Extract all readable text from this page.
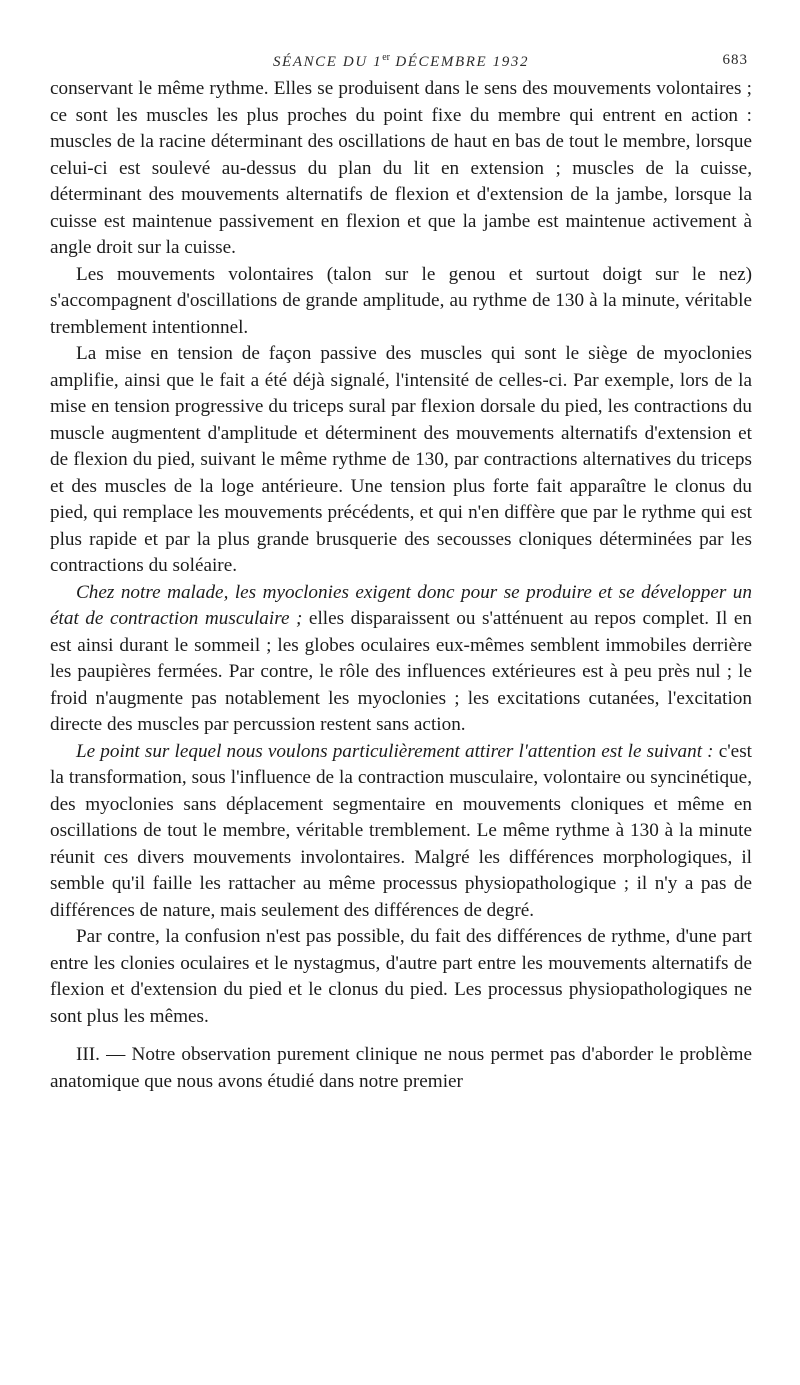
SÉANCE DU 1er DÉCEMBRE 1932	683

conservant le même rythme. Elles se produisent dans le sens des mouvements volontaires ; ce sont les muscles les plus proches du point fixe du membre qui entrent en action : muscles de la racine déterminant des oscillations de haut en bas de tout le membre, lorsque celui-ci est soulevé au-dessus du plan du lit en extension ; muscles de la cuisse, déterminant des mouvements alternatifs de flexion et d'extension de la jambe, lorsque la cuisse est maintenue passivement en flexion et que la jambe est maintenue activement à angle droit sur la cuisse.

Les mouvements volontaires (talon sur le genou et surtout doigt sur le nez) s'accompagnent d'oscillations de grande amplitude, au rythme de 130 à la minute, véritable tremblement intentionnel.

La mise en tension de façon passive des muscles qui sont le siège de myoclonies amplifie, ainsi que le fait a été déjà signalé, l'intensité de celles-ci. Par exemple, lors de la mise en tension progressive du triceps sural par flexion dorsale du pied, les contractions du muscle augmentent d'amplitude et déterminent des mouvements alternatifs d'extension et de flexion du pied, suivant le même rythme de 130, par contractions alternatives du triceps et des muscles de la loge antérieure. Une tension plus forte fait apparaître le clonus du pied, qui remplace les mouvements précédents, et qui n'en diffère que par le rythme qui est plus rapide et par la plus grande brusquerie des secousses cloniques déterminées par les contractions du soléaire.

Chez notre malade, les myoclonies exigent donc pour se produire et se développer un état de contraction musculaire ; elles disparaissent ou s'atténuent au repos complet. Il en est ainsi durant le sommeil ; les globes oculaires eux-mêmes semblent immobiles derrière les paupières fermées. Par contre, le rôle des influences extérieures est à peu près nul ; le froid n'augmente pas notablement les myoclonies ; les excitations cutanées, l'excitation directe des muscles par percussion restent sans action.

Le point sur lequel nous voulons particulièrement attirer l'attention est le suivant : c'est la transformation, sous l'influence de la contraction musculaire, volontaire ou syncinétique, des myoclonies sans déplacement segmentaire en mouvements cloniques et même en oscillations de tout le membre, véritable tremblement. Le même rythme à 130 à la minute réunit ces divers mouvements involontaires. Malgré les différences morphologiques, il semble qu'il faille les rattacher au même processus physiopathologique ; il n'y a pas de différences de nature, mais seulement des différences de degré.

Par contre, la confusion n'est pas possible, du fait des différences de rythme, d'une part entre les clonies oculaires et le nystagmus, d'autre part entre les mouvements alternatifs de flexion et d'extension du pied et le clonus du pied. Les processus physiopathologiques ne sont plus les mêmes.

III. — Notre observation purement clinique ne nous permet pas d'aborder le problème anatomique que nous avons étudié dans notre premier
